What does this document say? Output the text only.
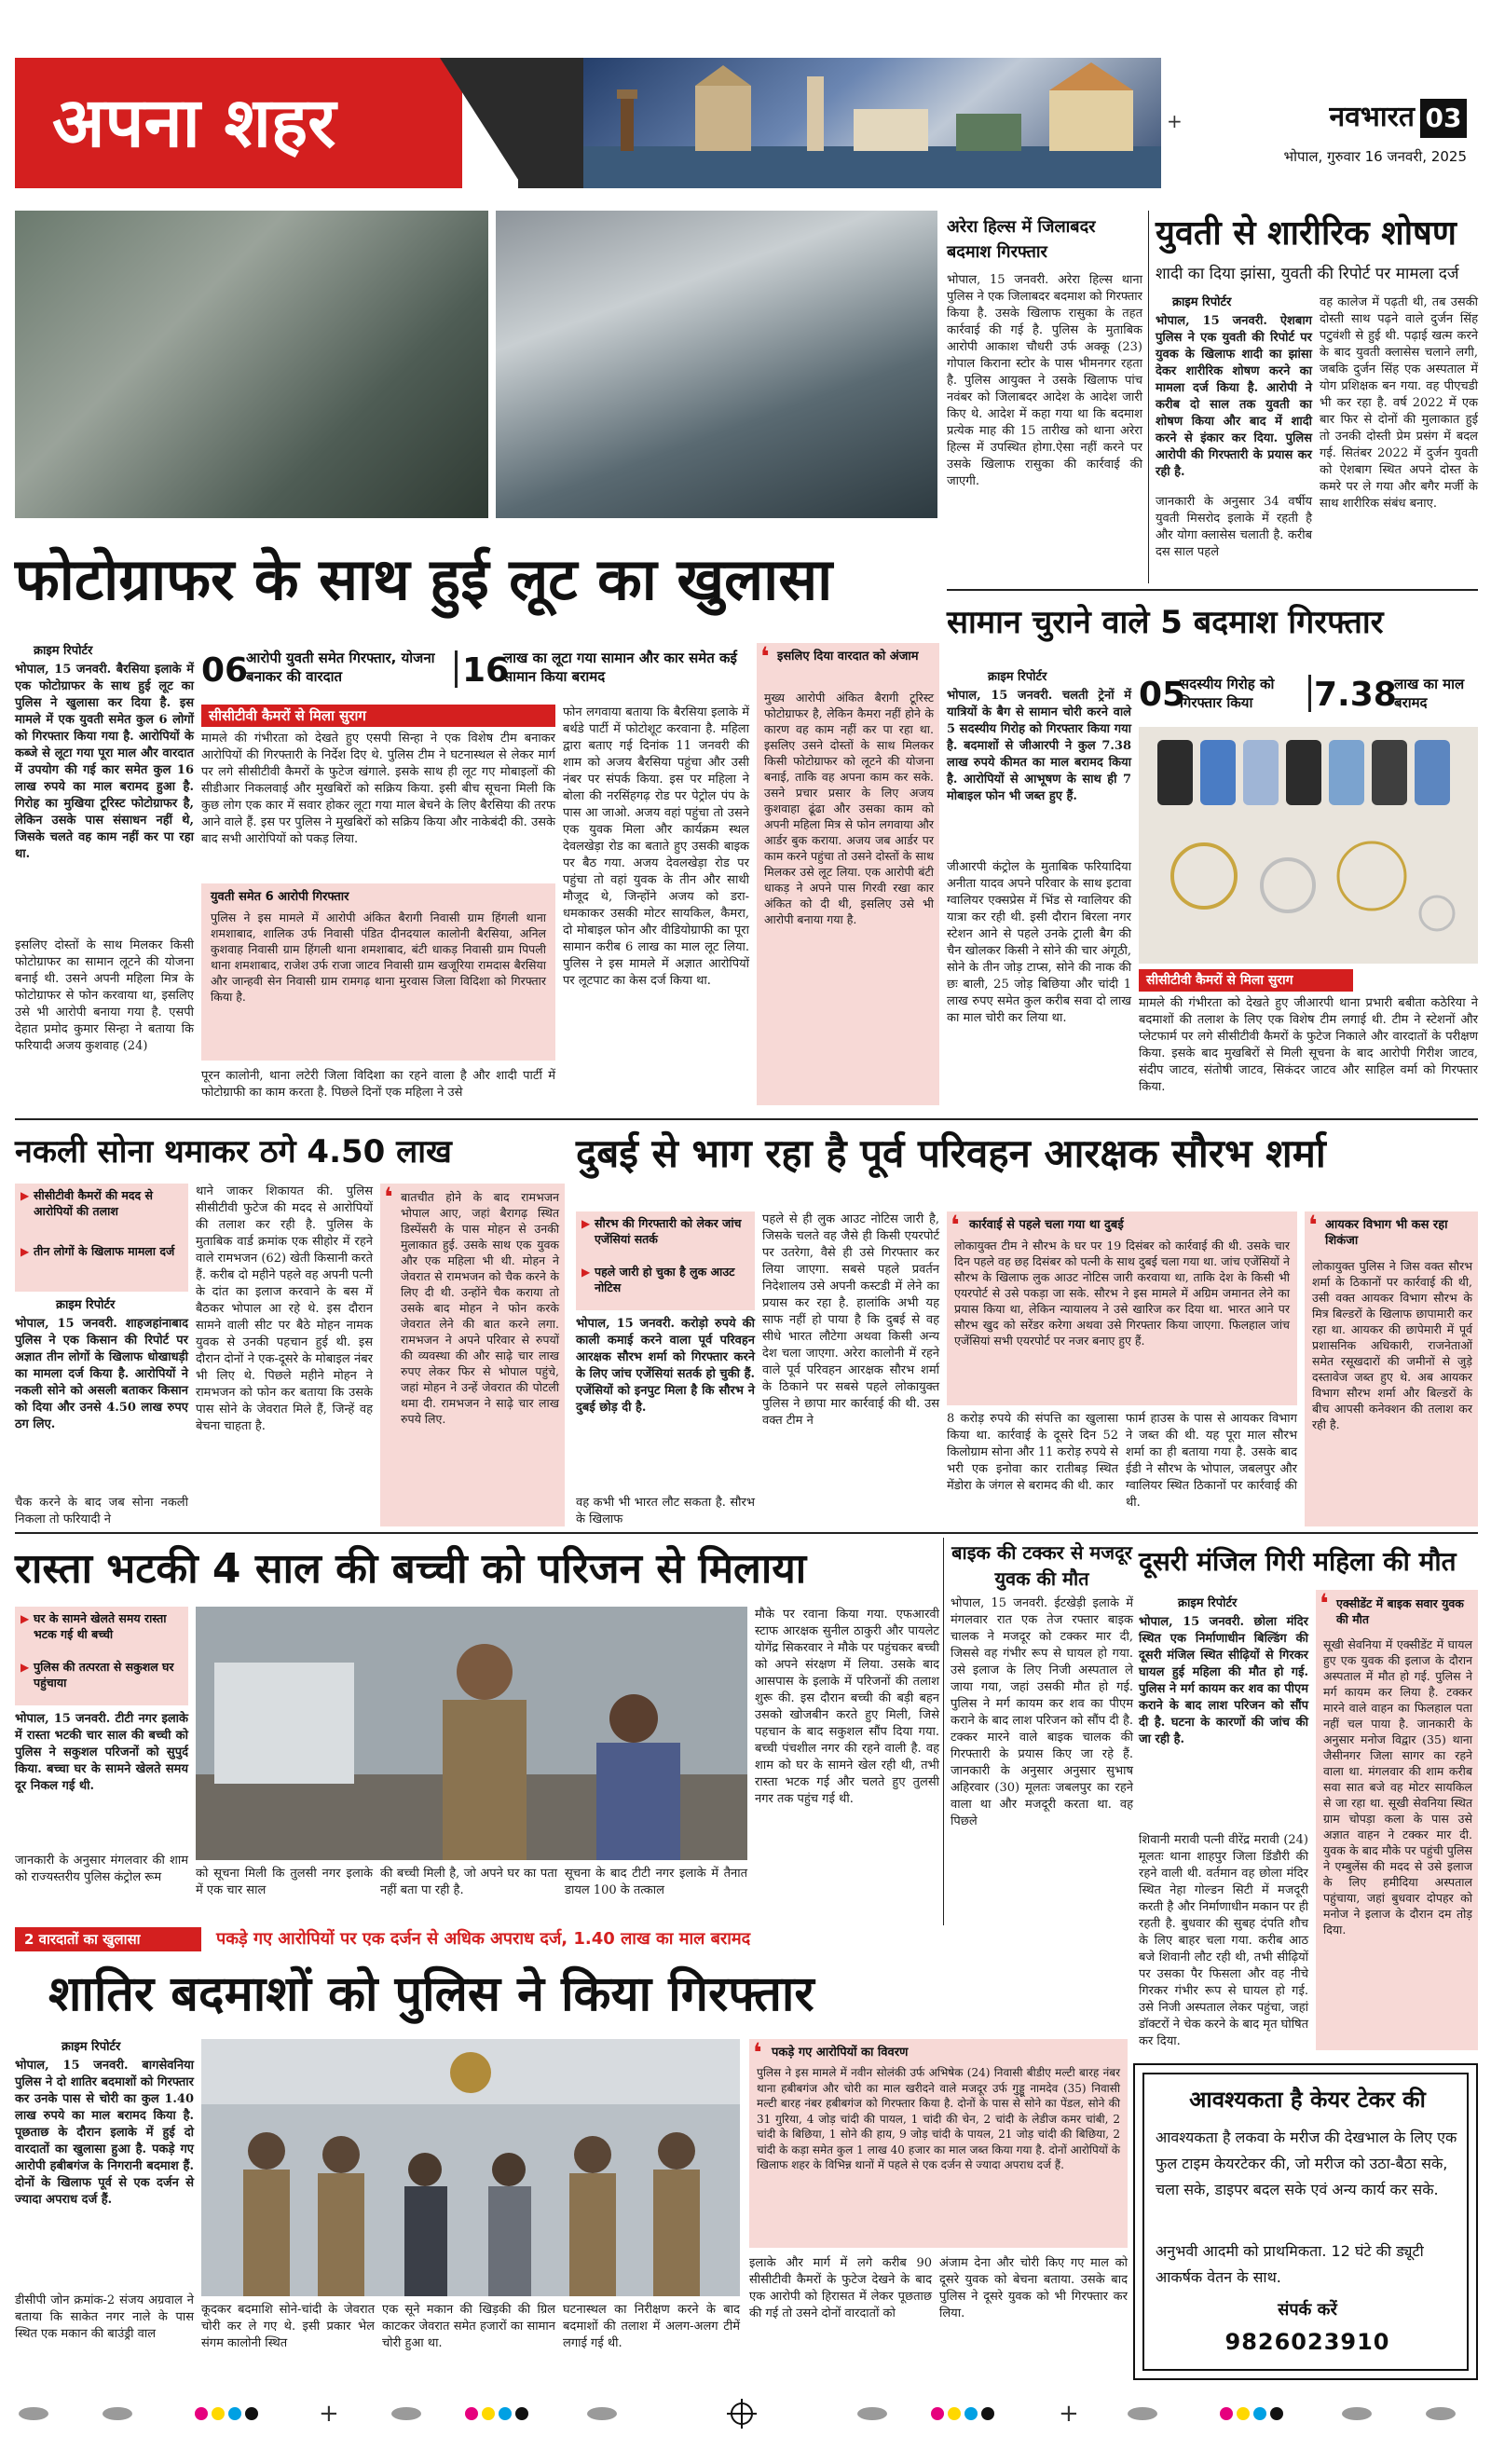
अपना शहर	+	नवभारत 03
भोपाल, गुरुवार 16 जनवरी, 2025
अरेरा हिल्स में जिलाबदर बदमाश गिरफ्तार
भोपाल, 15 जनवरी. अरेरा हिल्स थाना पुलिस ने एक जिलाबदर बदमाश को गिरफ्तार किया है. उसके खिलाफ रासुका के तहत कार्रवाई की गई है. पुलिस के मुताबिक आरोपी आकाश चौधरी उर्फ अक्कू (23) गोपाल किराना स्टोर के पास भीमनगर रहता है. पुलिस आयुक्त ने उसके खिलाफ पांच नवंबर को जिलाबदर आदेश के आदेश जारी किए थे. आदेश में कहा गया था कि बदमाश प्रत्येक माह की 15 तारीख को थाना अरेरा हिल्स में उपस्थित होगा.ऐसा नहीं करने पर उसके खिलाफ रासुका की कार्रवाई की जाएगी.
युवती से शारीरिक शोषण
शादी का दिया झांसा, युवती की रिपोर्ट पर मामला दर्ज
क्राइम रिपोर्टर
भोपाल, 15 जनवरी. ऐशबाग पुलिस ने एक युवती की रिपोर्ट पर युवक के खिलाफ शादी का झांसा देकर शारीरिक शोषण करने का मामला दर्ज किया है. आरोपी ने करीब दो साल तक युवती का शोषण किया और बाद में शादी करने से इंकार कर दिया. पुलिस आरोपी की गिरफ्तारी के प्रयास कर रही है.
जानकारी के अनुसार 34 वर्षीय युवती मिसरोद इलाके में रहती है और योगा क्लासेस चलाती है. करीब दस साल पहले
वह कालेज में पढ़ती थी, तब उसकी दोस्ती साथ पढ़ने वाले दुर्जन सिंह पटुवंशी से हुई थी. पढ़ाई खत्म करने के बाद युवती क्लासेस चलाने लगी, जबकि दुर्जन सिंह एक अस्पताल में योग प्रशिक्षक बन गया. वह पीएचडी भी कर रहा है. वर्ष 2022 में एक बार फिर से दोनों की मुलाकात हुई तो उनकी दोस्ती प्रेम प्रसंग में बदल गई. सितंबर 2022 में दुर्जन युवती को ऐशबाग स्थित अपने दोस्त के कमरे पर ले गया और बगैर मर्जी के साथ शारीरिक संबंध बनाए.
फोटोग्राफर के साथ हुई लूट का खुलासा
सामान चुराने वाले 5 बदमाश गिरफ्तार
क्राइम रिपोर्टर
भोपाल, 15 जनवरी. बैरसिया इलाके में एक फोटोग्राफर के साथ हुई लूट का पुलिस ने खुलासा कर दिया है. इस मामले में एक युवती समेत कुल 6 लोगों को गिरफ्तार किया गया है. आरोपियों के कब्जे से लूटा गया पूरा माल और वारदात में उपयोग की गई कार समेत कुल 16 लाख रुपये का माल बरामद हुआ है. गिरोह का मुखिया टूरिस्ट फोटोग्राफर है, लेकिन उसके पास संसाधन नहीं थे, जिसके चलते वह काम नहीं कर पा रहा था.
इसलिए दोस्तों के साथ मिलकर किसी फोटोग्राफर का सामान लूटने की योजना बनाई थी. उसने अपनी महिला मित्र के फोटोग्राफर से फोन करवाया था, इसलिए उसे भी आरोपी बनाया गया है. एसपी देहात प्रमोद कुमार सिन्हा ने बताया कि फरियादी अजय कुशवाह (24)
06
आरोपी युवती समेत गिरफ्तार, योजना बनाकर की वारदात	16
लाख का लूटा गया सामान और कार समेत कई सामान किया बरामद
सीसीटीवी कैमरों से मिला सुराग
मामले की गंभीरता को देखते हुए एसपी सिन्हा ने एक विशेष टीम बनाकर आरोपियों की गिरफ्तारी के निर्देश दिए थे. पुलिस टीम ने घटनास्थल से लेकर मार्ग पर लगे सीसीटीवी कैमरों के फुटेज खंगाले. इसके साथ ही लूट गए मोबाइलों की सीडीआर निकलवाई और मुखबिरों को सक्रिय किया. इसी बीच सूचना मिली कि कुछ लोग एक कार में सवार होकर लूटा गया माल बेचने के लिए बैरसिया की तरफ आने वाले हैं. इस पर पुलिस ने मुखबिरों को सक्रिय किया और नाकेबंदी की. उसके बाद सभी आरोपियों को पकड़ लिया.
युवती समेत 6 आरोपी गिरफ्तार
पुलिस ने इस मामले में आरोपी अंकित बैरागी निवासी ग्राम हिंगली थाना शमशाबाद, शालिक उर्फ निवासी पंडित दीनदयाल कालोनी बैरसिया, अनिल कुशवाह निवासी ग्राम हिंगली थाना शमशाबाद, बंटी धाकड़ निवासी ग्राम पिपली थाना शमशाबाद, राजेश उर्फ राजा जाटव निवासी ग्राम खजूरिया रामदास बैरसिया और जान्हवी सेन निवासी ग्राम रामगढ़ थाना मुरवास जिला विदिशा को गिरफ्तार किया है.
पूरन कालोनी, थाना लटेरी जिला विदिशा का रहने वाला है और शादी पार्टी में फोटोग्राफी का काम करता है. पिछले दिनों एक महिला ने उसे
फोन लगवाया बताया कि बैरसिया इलाके में बर्थडे पार्टी में फोटोशूट करवाना है. महिला द्वारा बताए गई दिनांक 11 जनवरी की शाम को अजय बैरसिया पहुंचा और उसी नंबर पर संपर्क किया. इस पर महिला ने बोला की नरसिंहगढ़ रोड पर पेट्रोल पंप के पास आ जाओ. अजय वहां पहुंचा तो उसने एक युवक मिला और कार्यक्रम स्थल देवलखेड़ा रोड का बताते हुए उसकी बाइक पर बैठ गया. अजय देवलखेड़ा रोड पर पहुंचा तो वहां युवक के तीन और साथी मौजूद थे, जिन्होंने अजय को डरा-धमकाकर उसकी मोटर सायकिल, कैमरा, दो मोबाइल फोन और वीडियोग्राफी का पूरा सामान करीब 6 लाख का माल लूट लिया. पुलिस ने इस मामले में अज्ञात आरोपियों पर लूटपाट का केस दर्ज किया था.
इसलिए दिया वारदात को अंजाम
❛
मुख्य आरोपी अंकित बैरागी टूरिस्ट फोटोग्राफर है, लेकिन कैमरा नहीं होने के कारण वह काम नहीं कर पा रहा था. इसलिए उसने दोस्तों के साथ मिलकर किसी फोटोग्राफर को लूटने की योजना बनाई, ताकि वह अपना काम कर सके. उसने प्रचार प्रसार के लिए अजय कुशवाहा ढूंढा और उसका काम को अपनी महिला मित्र से फोन लगवाया और आर्डर बुक कराया. अजय जब आर्डर पर काम करने पहुंचा तो उसने दोस्तों के साथ मिलकर उसे लूट लिया. एक आरोपी बंटी धाकड़ ने अपने पास गिरवी रखा कार अंकित को दी थी, इसलिए उसे भी आरोपी बनाया गया है.
क्राइम रिपोर्टर
भोपाल, 15 जनवरी. चलती ट्रेनों में यात्रियों के बैग से सामान चोरी करने वाले 5 सदस्यीय गिरोह को गिरफ्तार किया गया है. बदमाशों से जीआरपी ने कुल 7.38 लाख रुपये कीमत का माल बरामद किया है. आरोपियों से आभूषण के साथ ही 7 मोबाइल फोन भी जब्त हुए हैं.
जीआरपी कंट्रोल के मुताबिक फरियादिया अनीता यादव अपने परिवार के साथ इटावा ग्वालियर एक्सप्रेस में भिंड से ग्वालियर की यात्रा कर रही थी. इसी दौरान बिरला नगर स्टेशन आने से पहले उनके ट्राली बैग की चैन खोलकर किसी ने सोने की चार अंगूठी, सोने के तीन जोड़ टाप्स, सोने की नाक की छः बाली, 25 जोड़ बिछिया और चांदी 1 लाख रुपए समेत कुल करीब सवा दो लाख का माल चोरी कर लिया था.
05
सदस्यीय गिरोह को गिरफ्तार किया	7.38
लाख का माल बरामद
सीसीटीवी कैमरों से मिला सुराग
मामले की गंभीरता को देखते हुए जीआरपी थाना प्रभारी बबीता कठेरिया ने बदमाशों की तलाश के लिए एक विशेष टीम लगाई थी. टीम ने स्टेशनों और प्लेटफार्म पर लगे सीसीटीवी कैमरों के फुटेज निकाले और वारदातों के परीक्षण किया. इसके बाद मुखबिरों से मिली सूचना के बाद आरोपी गिरीश जाटव, संदीप जाटव, संतोषी जाटव, सिकंदर जाटव और साहिल वर्मा को गिरफ्तार किया.
नकली सोना थमाकर ठगे 4.50 लाख
▶ सीसीटीवी कैमरों की मदद से आरोपियों की तलाश
▶ तीन लोगों के खिलाफ मामला दर्ज
क्राइम रिपोर्टर
भोपाल, 15 जनवरी. शाहजहांनाबाद पुलिस ने एक किसान की रिपोर्ट पर अज्ञात तीन लोगों के खिलाफ धोखाधड़ी का मामला दर्ज किया है. आरोपियों ने नकली सोने को असली बताकर किसान को दिया और उनसे 4.50 लाख रुपए ठग लिए.
चैक करने के बाद जब सोना नकली निकला तो फरियादी ने
थाने जाकर शिकायत की. पुलिस सीसीटीवी फुटेज की मदद से आरोपियों की तलाश कर रही है. पुलिस के मुताबिक वार्ड क्रमांक एक सीहोर में रहने वाले रामभजन (62) खेती किसानी करते हैं. करीब दो महीने पहले वह अपनी पत्नी के दांत का इलाज करवाने के बस में बैठकर भोपाल आ रहे थे. इस दौरान सामने वाली सीट पर बैठे मोहन नामक युवक से उनकी पहचान हुई थी. इस दौरान दोनों ने एक-दूसरे के मोबाइल नंबर भी लिए थे. पिछले महीने मोहन ने रामभजन को फोन कर बताया कि उसके पास सोने के जेवरात मिले हैं, जिन्हें वह बेचना चाहता है.
❛ बातचीत होने के बाद रामभजन भोपाल आए, जहां बैरागढ़ स्थित डिस्पेंसरी के पास मोहन से उनकी मुलाकात हुई. उसके साथ एक युवक और एक महिला भी थी. मोहन ने जेवरात से रामभजन को चैक करने के लिए दी थी. उन्होंने चैक कराया तो उसके बाद मोहन ने फोन करके जेवरात लेने की बात करने लगा. रामभजन ने अपने परिवार से रुपयों की व्यवस्था की और साढ़े चार लाख रुपए लेकर फिर से भोपाल पहुंचे, जहां मोहन ने उन्हें जेवरात की पोटली थमा दी. रामभजन ने साढ़े चार लाख रुपये लिए.
दुबई से भाग रहा है पूर्व परिवहन आरक्षक सौरभ शर्मा
▶ सौरभ की गिरफ्तारी को लेकर जांच एजेंसियां सतर्क
▶ पहले जारी हो चुका है लुक आउट नोटिस
भोपाल, 15 जनवरी. करोड़ो रुपये की काली कमाई करने वाला पूर्व परिवहन आरक्षक सौरभ शर्मा को गिरफ्तार करने के लिए जांच एजेंसियां सतर्क हो चुकी हैं. एजेंसियों को इनपुट मिला है कि सौरभ ने दुबई छोड़ दी है.
वह कभी भी भारत लौट सकता है. सौरभ के खिलाफ
पहले से ही लुक आउट नोटिस जारी है, जिसके चलते वह जैसे ही किसी एयरपोर्ट पर उतरेगा, वैसे ही उसे गिरफ्तार कर लिया जाएगा. सबसे पहले प्रवर्तन निदेशालय उसे अपनी कस्टडी में लेने का प्रयास कर रहा है. हालांकि अभी यह साफ नहीं हो पाया है कि दुबई से वह सीधे भारत लौटेगा अथवा किसी अन्य देश चला जाएगा. अरेरा कालोनी में रहने वाले पूर्व परिवहन आरक्षक सौरभ शर्मा के ठिकाने पर सबसे पहले लोकायुक्त पुलिस ने छापा मार कार्रवाई की थी. उस वक्त टीम ने
❛ कार्रवाई से पहले चला गया था दुबई
लोकायुक्त टीम ने सौरभ के घर पर 19 दिसंबर को कार्रवाई की थी. उसके चार दिन पहले वह छह दिसंबर को पत्नी के साथ दुबई चला गया था. जांच एजेंसियों ने सौरभ के खिलाफ लुक आउट नोटिस जारी करवाया था, ताकि देश के किसी भी एयरपोर्ट से उसे पकड़ा जा सके. सौरभ ने इस मामले में अग्रिम जमानत लेने का प्रयास किया था, लेकिन न्यायालय ने उसे खारिज कर दिया था. भारत आने पर सौरभ खुद को सरेंडर करेगा अथवा उसे गिरफ्तार किया जाएगा. फिलहाल जांच एजेंसियां सभी एयरपोर्ट पर नजर बनाए हुए हैं.
8 करोड़ रुपये की संपत्ति का खुलासा किया था. कार्रवाई के दूसरे दिन 52 किलोग्राम सोना और 11 करोड़ रुपये से भरी एक इनोवा कार रातीबड़ स्थित मेंडोरा के जंगल से बरामद की थी. कार
फार्म हाउस के पास से आयकर विभाग ने जब्त की थी. यह पूरा माल सौरभ शर्मा का ही बताया गया है. उसके बाद ईडी ने सौरभ के भोपाल, जबलपुर और ग्वालियर स्थित ठिकानों पर कार्रवाई की थी.
❛ आयकर विभाग भी कस रहा शिकंजा
लोकायुक्त पुलिस ने जिस वक्त सौरभ शर्मा के ठिकानों पर कार्रवाई की थी, उसी वक्त आयकर विभाग सौरभ के मित्र बिल्डरों के खिलाफ छापामारी कर रहा था. आयकर की छापेमारी में पूर्व प्रशासनिक अधिकारी, राजनेताओं समेत रसूखदारों की जमीनों से जुड़े दस्तावेज जब्त हुए थे. अब आयकर विभाग सौरभ शर्मा और बिल्डरों के बीच आपसी कनेक्शन की तलाश कर रही है.
रास्ता भटकी 4 साल की बच्ची को परिजन से मिलाया
▶ घर के सामने खेलते समय रास्ता भटक गई थी बच्ची
▶ पुलिस की तत्परता से सकुशल घर पहुंचाया
भोपाल, 15 जनवरी. टीटी नगर इलाके में रास्ता भटकी चार साल की बच्ची को पुलिस ने सकुशल परिजनों को सुपुर्द किया. बच्चा घर के सामने खेलते समय दूर निकल गई थी.
जानकारी के अनुसार मंगलवार की शाम को राज्यस्तरीय पुलिस कंट्रोल रूम	को सूचना मिली कि तुलसी नगर इलाके में एक चार साल
की बच्ची मिली है, जो अपने घर का पता नहीं बता पा रही है.
सूचना के बाद टीटी नगर इलाके में तैनात डायल 100 के तत्काल
मौके पर रवाना किया गया. एफआरवी स्टाफ आरक्षक सुनील ठाकुरी और पायलेट योगेंद्र सिकरवार ने मौके पर पहुंचकर बच्ची को अपने संरक्षण में लिया. उसके बाद आसपास के इलाके में परिजनों की तलाश शुरू की. इस दौरान बच्ची की बड़ी बहन उसको खोजबीन करते हुए मिली, जिसे पहचान के बाद सकुशल सौंप दिया गया. बच्ची पंचशील नगर की रहने वाली है. वह शाम को घर के सामने खेल रही थी, तभी रास्ता भटक गई और चलते हुए तुलसी नगर तक पहुंच गई थी.
बाइक की टक्कर से मजदूर युवक की मौत
भोपाल, 15 जनवरी. ईटखेड़ी इलाके में मंगलवार रात एक तेज रफ्तार बाइक चालक ने मजदूर को टक्कर मार दी, जिससे वह गंभीर रूप से घायल हो गया. उसे इलाज के लिए निजी अस्पताल ले जाया गया, जहां उसकी मौत हो गई. पुलिस ने मर्ग कायम कर शव का पीएम कराने के बाद लाश परिजन को सौंप दी है. टक्कर मारने वाले बाइक चालक की गिरफ्तारी के प्रयास किए जा रहे हैं. जानकारी के अनुसार अनुसार सुभाष अहिरवार (30) मूलतः जबलपुर का रहने वाला था और मजदूरी करता था. वह पिछले
दूसरी मंजिल गिरी महिला की मौत
क्राइम रिपोर्टर
भोपाल, 15 जनवरी. छोला मंदिर स्थित एक निर्माणाधीन बिल्डिंग की दूसरी मंजिल स्थित सीढ़ियों से गिरकर घायल हुई महिला की मौत हो गई. पुलिस ने मर्ग कायम कर शव का पीएम कराने के बाद लाश परिजन को सौंप दी है. घटना के कारणों की जांच की जा रही है.
शिवानी मरावी पत्नी वीरेंद्र मरावी (24) मूलतः थाना शाहपुर जिला डिंडौरी की रहने वाली थी. वर्तमान वह छोला मंदिर स्थित नेहा गोल्डन सिटी में मजदूरी करती है और निर्माणाधीन मकान पर ही रहती है. बुधवार की सुबह दंपति शौच के लिए बाहर चला गया. करीब आठ बजे शिवानी लौट रही थी, तभी सीढ़ियों पर उसका पैर फिसला और वह नीचे गिरकर गंभीर रूप से घायल हो गई. उसे निजी अस्पताल लेकर पहुंचा, जहां डॉक्टरों ने चेक करने के बाद मृत घोषित कर दिया.
❛ एक्सीडेंट में बाइक सवार युवक की मौत
सूखी सेवनिया में एक्सीडेंट में घायल हुए एक युवक की इलाज के दौरान अस्पताल में मौत हो गई. पुलिस ने मर्ग कायम कर लिया है. टक्कर मारने वाले वाहन का फिलहाल पता नहीं चल पाया है. जानकारी के अनुसार मनोज विद्वार (35) थाना जैसीनगर जिला सागर का रहने वाला था. मंगलवार की शाम करीब सवा सात बजे वह मोटर सायकिल से जा रहा था. सूखी सेवनिया स्थित ग्राम चोपड़ा कला के पास उसे अज्ञात वाहन ने टक्कर मार दी. युवक के बाद मौके पर पहुंची पुलिस ने एम्बुलेंस की मदद से उसे इलाज के लिए हमीदिया अस्पताल पहुंचाया, जहां बुधवार दोपहर को मनोज ने इलाज के दौरान दम तोड़ दिया.
2 वारदातों का खुलासा	पकड़े गए आरोपियों पर एक दर्जन से अधिक अपराध दर्ज, 1.40 लाख का माल बरामद
शातिर बदमाशों को पुलिस ने किया गिरफ्तार
क्राइम रिपोर्टर
भोपाल, 15 जनवरी. बागसेवनिया पुलिस ने दो शातिर बदमाशों को गिरफ्तार कर उनके पास से चोरी का कुल 1.40 लाख रुपये का माल बरामद किया है. पूछताछ के दौरान इलाके में हुई दो वारदातों का खुलासा हुआ है. पकड़े गए आरोपी हबीबगंज के निगरानी बदमाश हैं. दोनों के खिलाफ पूर्व से एक दर्जन से ज्यादा अपराध दर्ज हैं.
डीसीपी जोन क्रमांक-2 संजय अग्रवाल ने बताया कि साकेत नगर नाले के पास स्थित एक मकान की बाउंड्री वाल
कूदकर बदमाशि सोने-चांदी के जेवरात चोरी कर ले गए थे. इसी प्रकार भेल संगम कालोनी स्थित
एक सूने मकान की खिड़की की ग्रिल काटकर जेवरात समेत हजारों का सामान चोरी हुआ था.
घटनास्थल का निरीक्षण करने के बाद बदमाशों की तलाश में अलग-अलग टीमें लगाई गई थी.
❛ पकड़े गए आरोपियों का विवरण
पुलिस ने इस मामले में नवीन सोलंकी उर्फ अभिषेक (24) निवासी बीडीए मल्टी बारह नंबर थाना हबीबगंज और चोरी का माल खरीदने वाले मजदूर उर्फ गुड्डू नामदेव (35) निवासी मल्टी बारह नंबर हबीबगंज को गिरफ्तार किया है. दोनों के पास से सोने का पेंडल, सोने की 31 गुरिया, 4 जोड़ चांदी की पायल, 1 चांदी की चेन, 2 चांदी के लेडीज कमर चांबी, 2 चांदी के बिछिया, 1 सोने की हाय, 9 जोड़ चांदी के पायल, 21 जोड़ चांदी की बिछिया, 2 चांदी के कड़ा समेत कुल 1 लाख 40 हजार का माल जब्त किया गया है. दोनों आरोपियों के खिलाफ शहर के विभिन्न थानों में पहले से एक दर्जन से ज्यादा अपराध दर्ज हैं.
इलाके और मार्ग में लगे करीब 90 सीसीटीवी कैमरों के फुटेज देखने के बाद एक आरोपी को हिरासत में लेकर पूछताछ की गई तो उसने दोनों वारदातों को
अंजाम देना और चोरी किए गए माल को दूसरे युवक को बेचना बताया. उसके बाद पुलिस ने दूसरे युवक को भी गिरफ्तार कर लिया.
आवश्यकता है केयर टेकर की
आवश्यकता है लकवा के मरीज की देखभाल के लिए एक फुल टाइम केयरटेकर की, जो मरीज को उठा-बैठा सके, चला सके, डाइपर बदल सके एवं अन्य कार्य कर सके.
अनुभवी आदमी को प्राथमिकता. 12 घंटे की ड्यूटी आकर्षक वेतन के साथ.
संपर्क करें
9826023910
+	+
